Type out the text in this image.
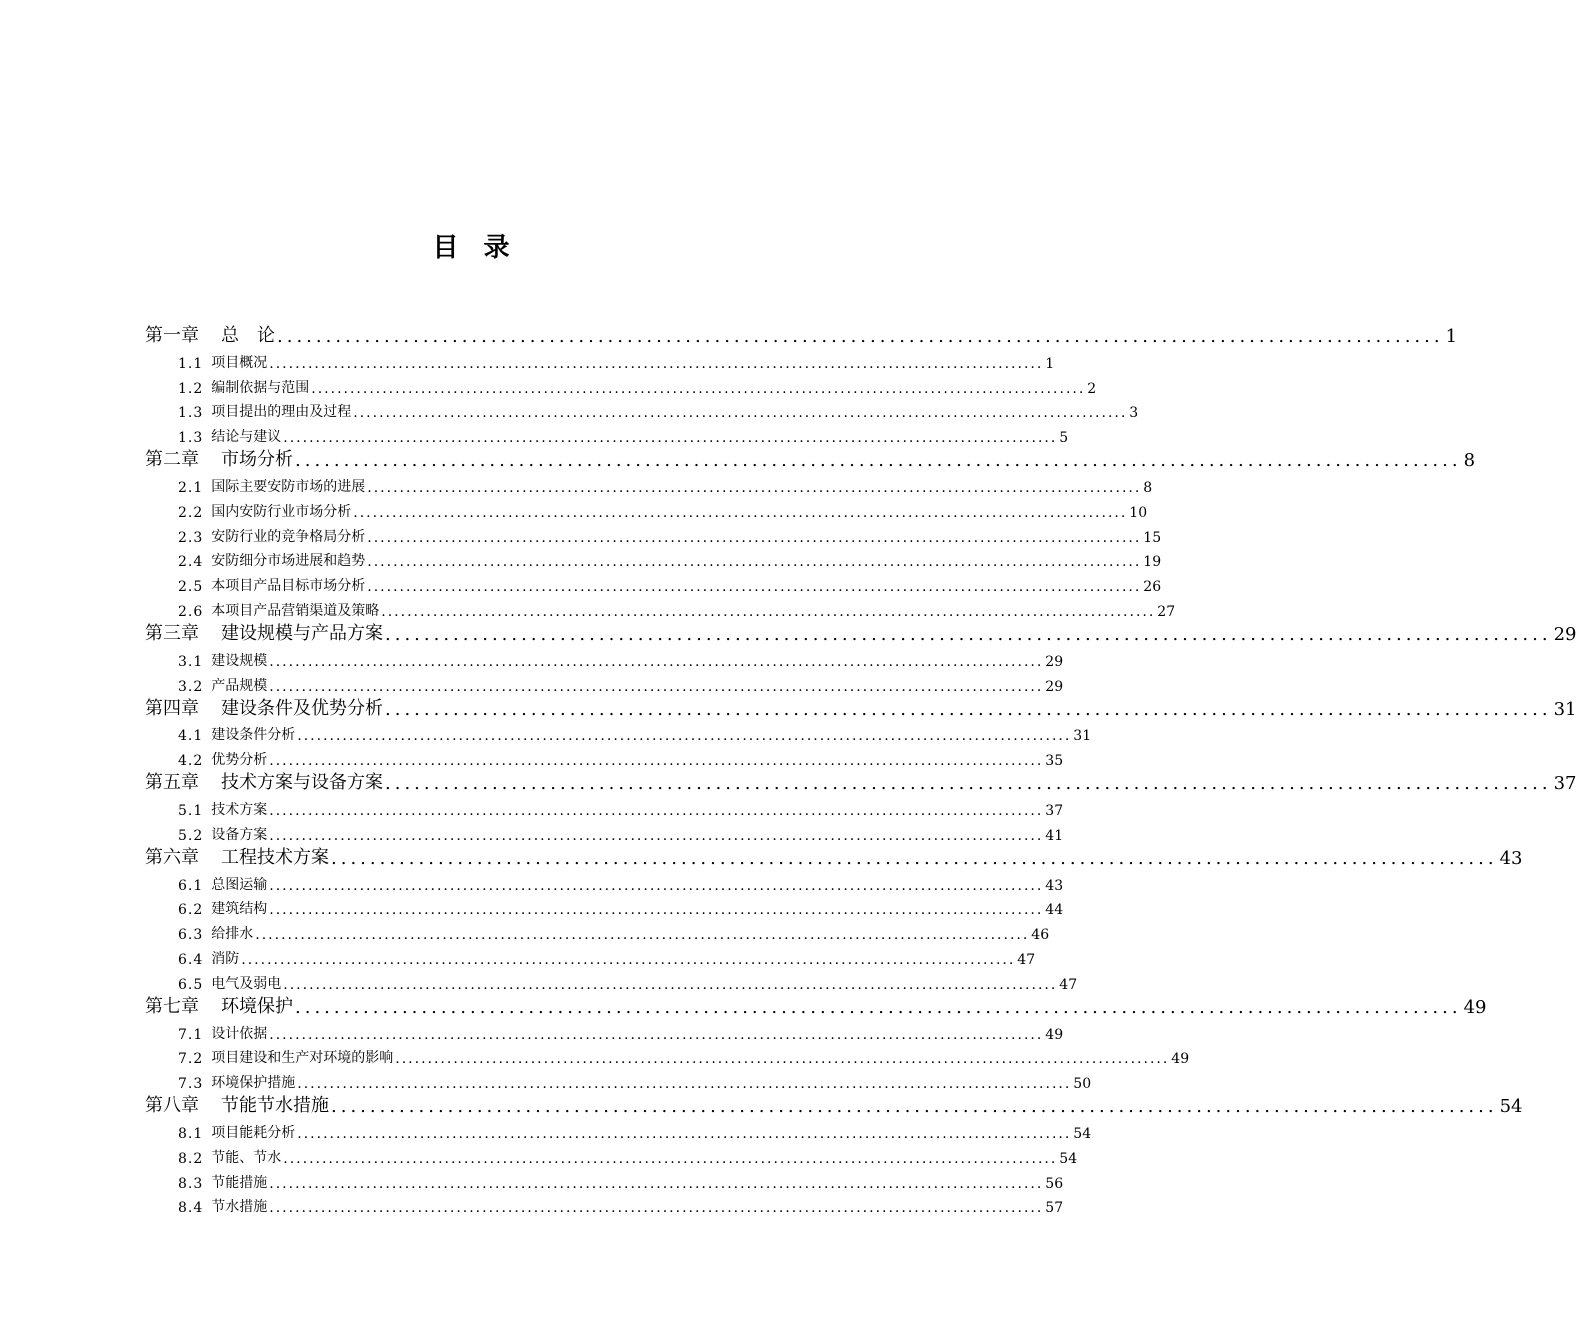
目 录
第一章 总　论 ........................................................................................................................ 1
1.1 项目概况 ........................................................................................................................ 1
1.2 编制依据与范围 ........................................................................................................................ 2
1.3 项目提出的理由及过程 ........................................................................................................................ 3
1.3 结论与建议 ........................................................................................................................ 5
第二章 市场分析 ........................................................................................................................ 8
2.1 国际主要安防市场的进展 ........................................................................................................................ 8
2.2 国内安防行业市场分析 ........................................................................................................................ 10
2.3 安防行业的竞争格局分析 ........................................................................................................................ 15
2.4 安防细分市场进展和趋势 ........................................................................................................................ 19
2.5 本项目产品目标市场分析 ........................................................................................................................ 26
2.6 本项目产品营销渠道及策略 ........................................................................................................................ 27
第三章 建设规模与产品方案 ........................................................................................................................ 29
3.1 建设规模 ........................................................................................................................ 29
3.2 产品规模 ........................................................................................................................ 29
第四章 建设条件及优势分析 ........................................................................................................................ 31
4.1 建设条件分析 ........................................................................................................................ 31
4.2 优势分析 ........................................................................................................................ 35
第五章 技术方案与设备方案 ........................................................................................................................ 37
5.1 技术方案 ........................................................................................................................ 37
5.2 设备方案 ........................................................................................................................ 41
第六章 工程技术方案 ........................................................................................................................ 43
6.1 总图运输 ........................................................................................................................ 43
6.2 建筑结构 ........................................................................................................................ 44
6.3 给排水 ........................................................................................................................ 46
6.4 消防 ........................................................................................................................ 47
6.5 电气及弱电 ........................................................................................................................ 47
第七章 环境保护 ........................................................................................................................ 49
7.1 设计依据 ........................................................................................................................ 49
7.2 项目建设和生产对环境的影响 ........................................................................................................................ 49
7.3 环境保护措施 ........................................................................................................................ 50
第八章 节能节水措施 ........................................................................................................................ 54
8.1 项目能耗分析 ........................................................................................................................ 54
8.2 节能、节水 ........................................................................................................................ 54
8.3 节能措施 ........................................................................................................................ 56
8.4 节水措施 ........................................................................................................................ 57
